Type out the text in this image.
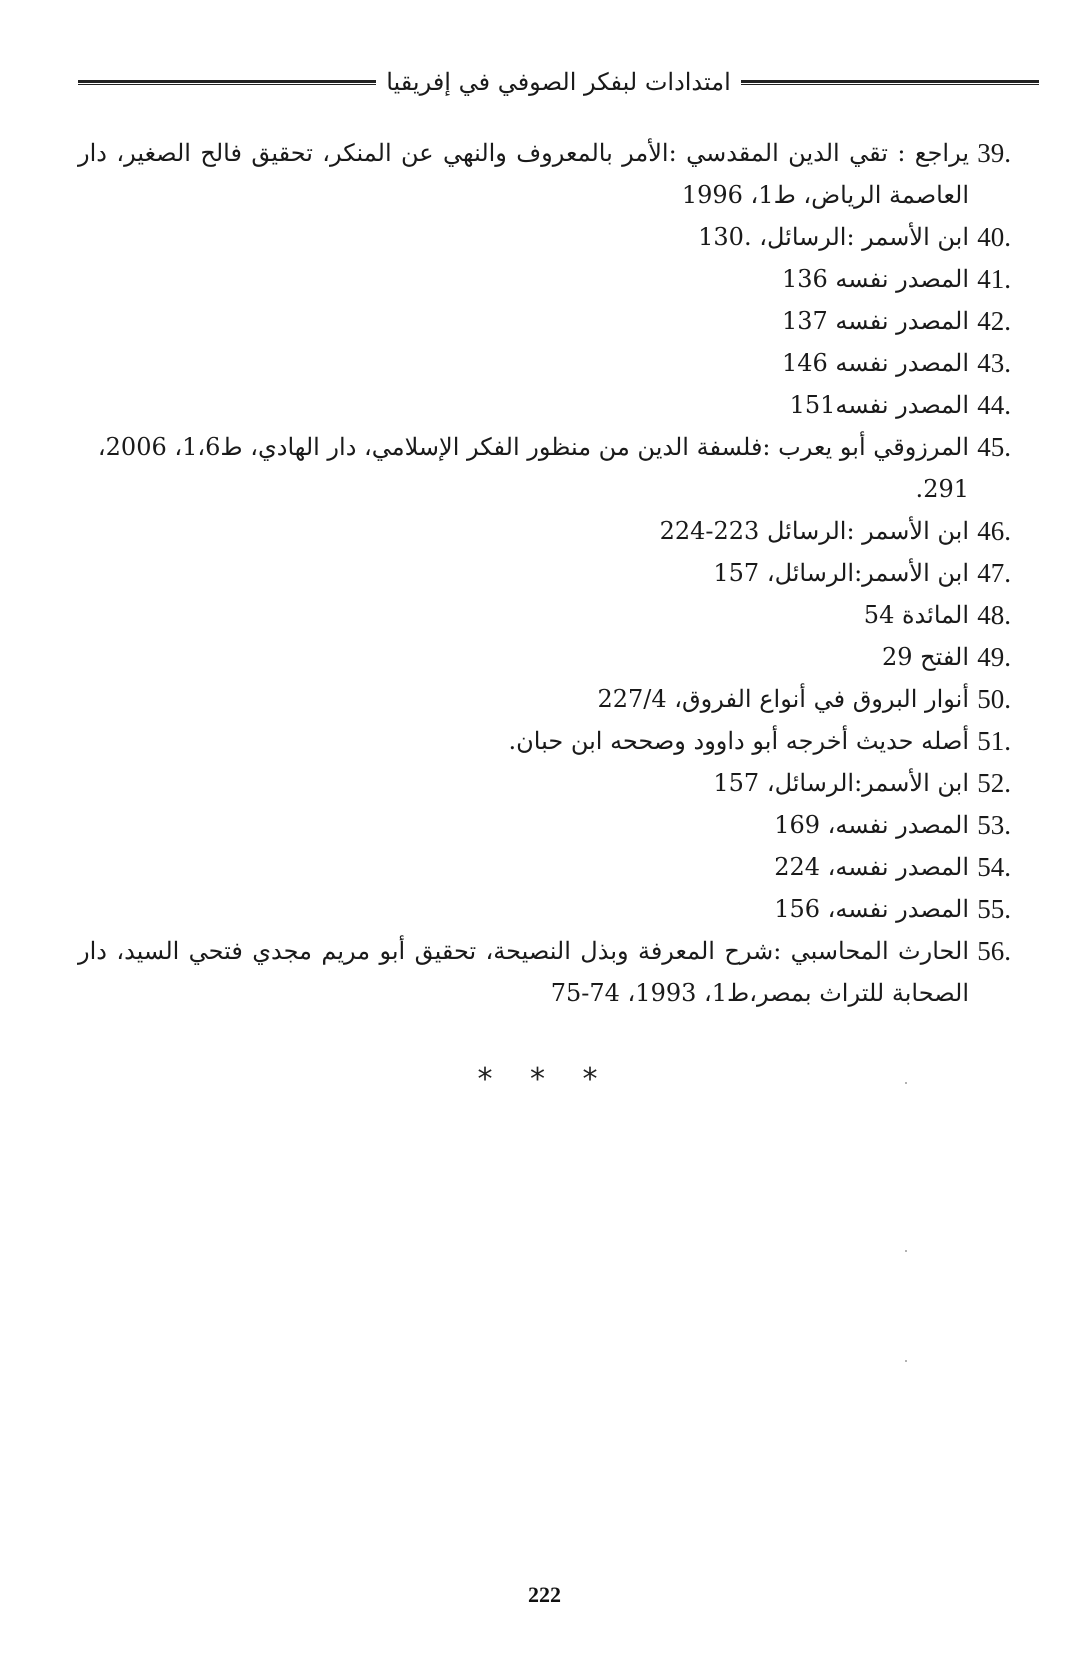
امتدادات لبفكر الصوفي في إفريقيا
39.
يراجع : تقي الدين المقدسي :الأمر بالمعروف والنهي عن المنكر، تحقيق فالح الصغير، دار العاصمة الرياض، ط1، 1996
40.
ابن الأسمر :الرسائل، .130
41.
المصدر نفسه 136
42.
المصدر نفسه 137
43.
المصدر نفسه 146
44.
المصدر نفسه151
45.
المرزوقي أبو يعرب :فلسفة الدين من منظور الفكر الإسلامي، دار الهادي، ط1،6، 2006، 291.
46.
ابن الأسمر :الرسائل 223-224
47.
ابن الأسمر:الرسائل، 157
48.
المائدة 54
49.
الفتح 29
50.
أنوار البروق في أنواع الفروق، 227/4
51.
أصله حديث أخرجه أبو داوود وصححه ابن حبان.
52.
ابن الأسمر:الرسائل، 157
53.
المصدر نفسه، 169
54.
المصدر نفسه، 224
55.
المصدر نفسه، 156
56.
الحارث المحاسبي :شرح المعرفة وبذل النصيحة، تحقيق أبو مريم مجدي فتحي السيد، دار الصحابة للتراث بمصر،ط1، 1993، 74-75
* * *
222
